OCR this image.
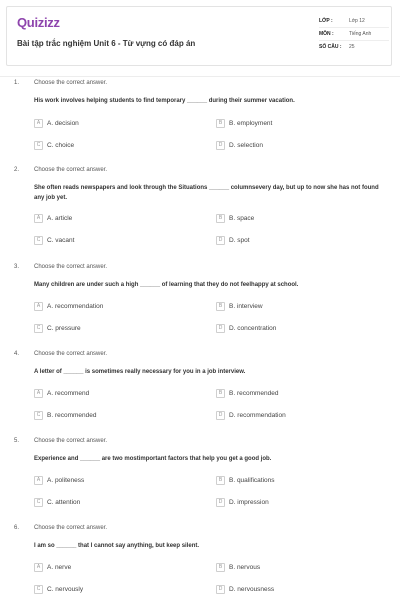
Quizizz
Bài tập trắc nghiệm Unit 6 - Từ vựng có đáp án
LỚP :	Lớp 12
MÔN :	Tiếng Anh
SỐ CÂU :	25
1. Choose the correct answer.
His work involves helping students to find temporary ______ during their summer vacation.
A	A. decision	B	B. employment
C	C. choice	D	D. selection
2. Choose the correct answer.
She often reads newspapers and look through the Situations ______ columnsevery day, but up to now she has not found any job yet.
A	A. article	B	B. space
C	C. vacant	D	D. spot
3. Choose the correct answer.
Many children are under such a high ______ of learning that they do not feelhappy at school.
A	A. recommendation	B	B. interview
C	C. pressure	D	D. concentration
4. Choose the correct answer.
A letter of ______ is sometimes really necessary for you in a job interview.
A	A. recommend	B	B. recommended
C	B. recommended	D	D. recommendation
5. Choose the correct answer.
Experience and ______ are two mostimportant factors that help you get a good job.
A	A. politeness	B	B. qualifications
C	C. attention	D	D. impression
6. Choose the correct answer.
I am so ______ that I cannot say anything, but keep silent.
A	A. nerve	B	B. nervous
C	C. nervously	D	D. nervousness
